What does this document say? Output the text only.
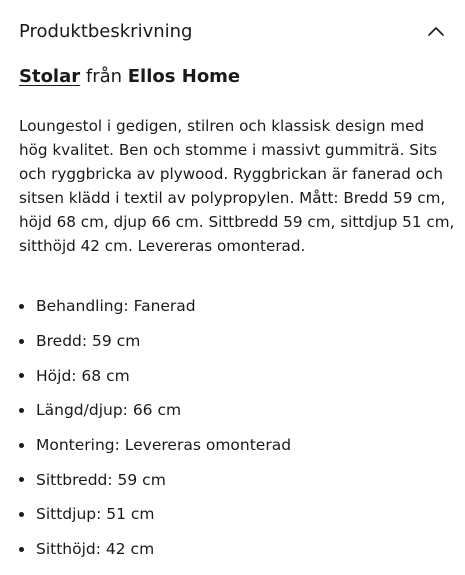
Produktbeskrivning
Stolar från Ellos Home

Loungestol i gedigen, stilren och klassisk design med hög kvalitet. Ben och stomme i massivt gummiträ. Sits och ryggbricka av plywood. Ryggbrickan är fanerad och sitsen klädd i textil av polypropylen. Mått: Bredd 59 cm, höjd 68 cm, djup 66 cm. Sittbredd 59 cm, sittdjup 51 cm, sitthöjd 42 cm. Levereras omonterad.

Behandling: Fanerad
Bredd: 59 cm
Höjd: 68 cm
Längd/djup: 66 cm
Montering: Levereras omonterad
Sittbredd: 59 cm
Sittdjup: 51 cm
Sitthöjd: 42 cm
